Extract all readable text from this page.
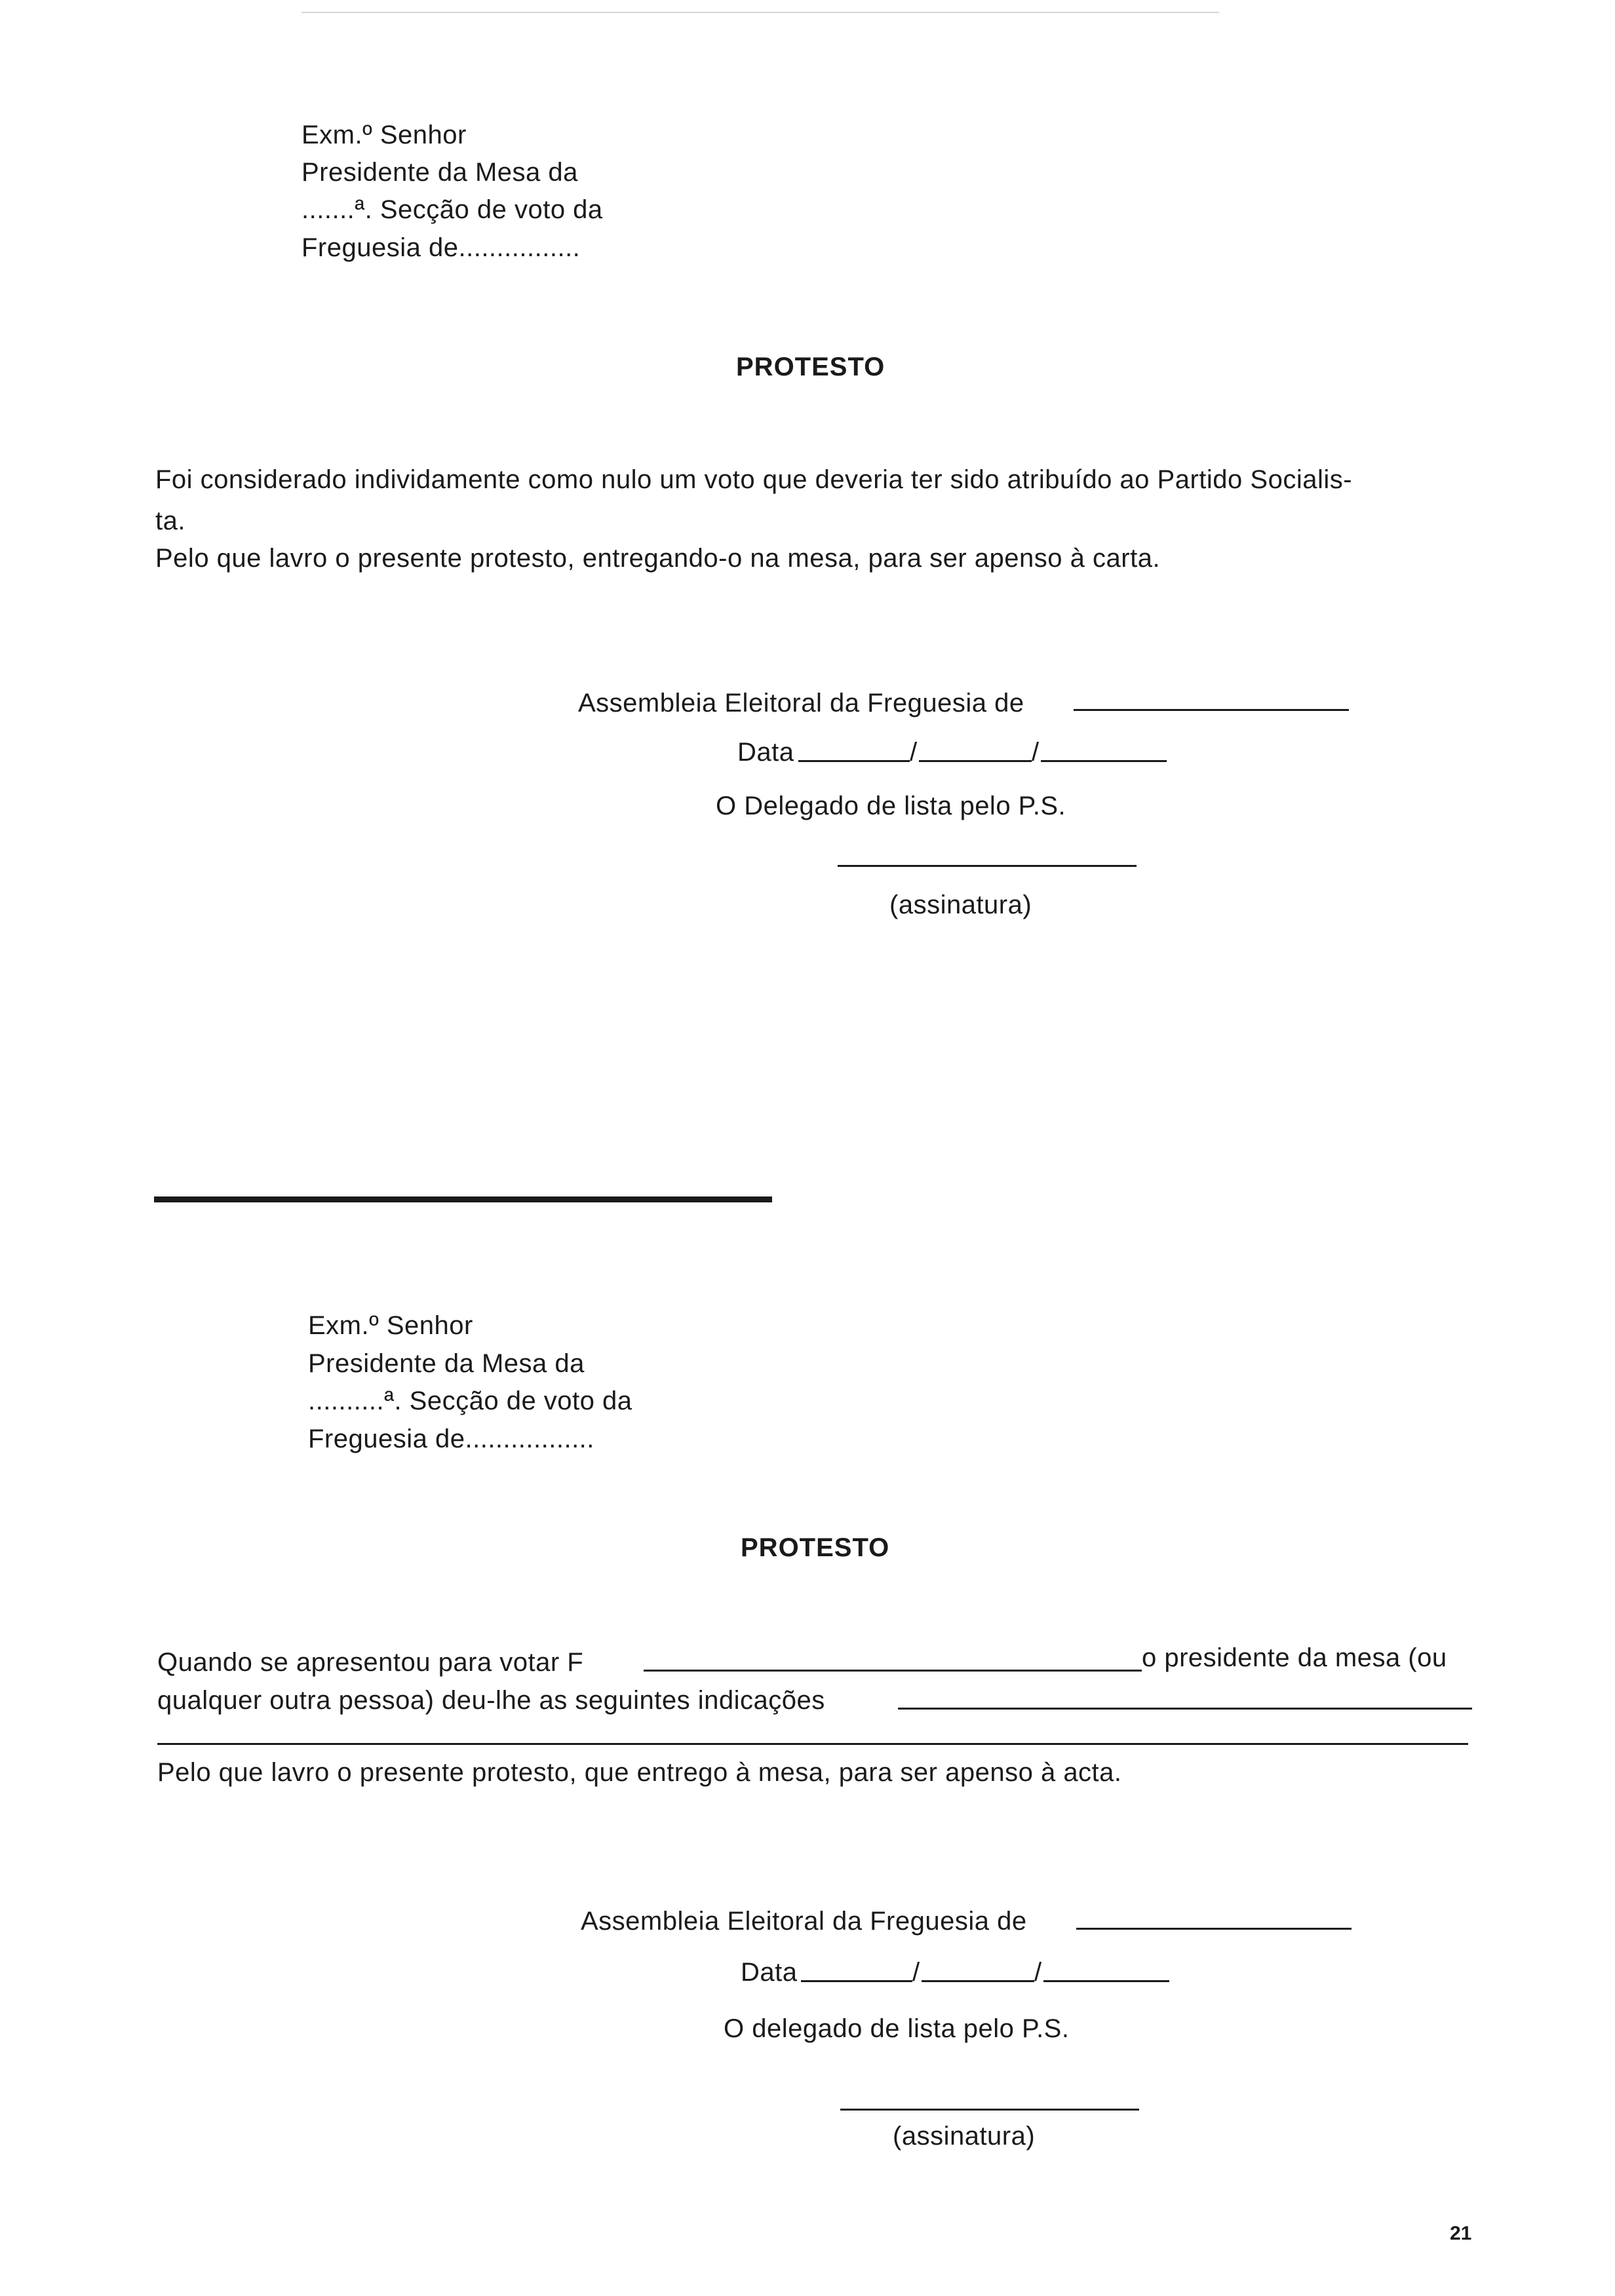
Exm.º Senhor
Presidente da Mesa da
.......ª. Secção de voto da
Freguesia de................
PROTESTO
Foi considerado individamente como nulo um voto que deveria ter sido atribuído ao Partido Socialis-
ta.
Pelo que lavro o presente protesto, entregando-o na mesa, para ser apenso à carta.
Assembleia Eleitoral da Freguesia de
Data	/	/
O Delegado de lista pelo P.S.
(assinatura)
Exm.º Senhor
Presidente da Mesa da
..........ª. Secção de voto da
Freguesia de.................
PROTESTO
Quando se apresentou para votar F	o presidente da mesa (ou
qualquer outra pessoa) deu-lhe as seguintes indicações
Pelo que lavro o presente protesto, que entrego à mesa, para ser apenso à acta.
Assembleia Eleitoral da Freguesia de
Data	/	/
O delegado de lista pelo P.S.
(assinatura)
21
